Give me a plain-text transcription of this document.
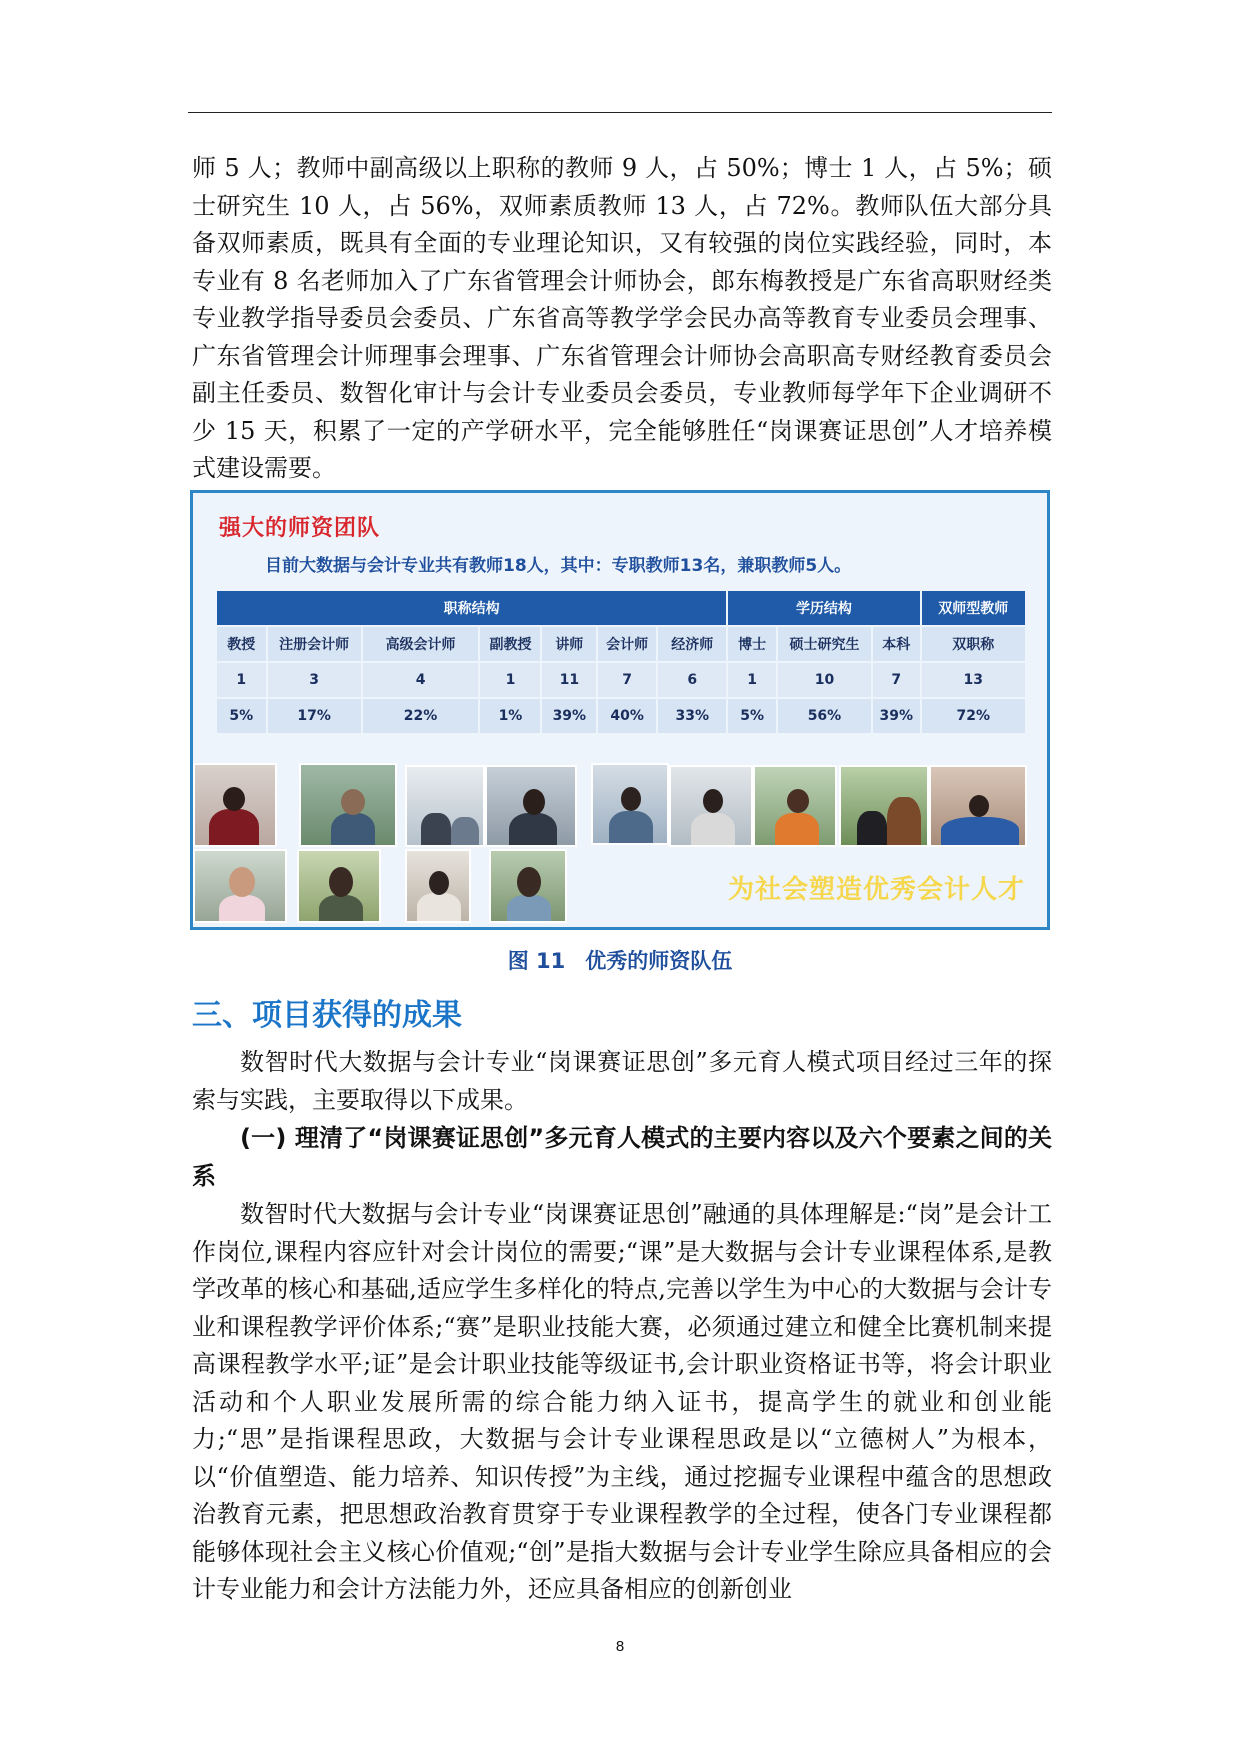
师 5 人；教师中副高级以上职称的教师 9 人，占 50%；博士 1 人，占 5%；硕士研究生 10 人，占 56%，双师素质教师 13 人，占 72%。教师队伍大部分具备双师素质，既具有全面的专业理论知识，又有较强的岗位实践经验，同时，本专业有 8 名老师加入了广东省管理会计师协会，郎东梅教授是广东省高职财经类专业教学指导委员会委员、广东省高等教学学会民办高等教育专业委员会理事、广东省管理会计师理事会理事、广东省管理会计师协会高职高专财经教育委员会副主任委员、数智化审计与会计专业委员会委员，专业教师每学年下企业调研不少 15 天，积累了一定的产学研水平，完全能够胜任“岗课赛证思创”人才培养模式建设需要。

强大的师资团队
目前大数据与会计专业共有教师18人，其中：专职教师13名，兼职教师5人。
职称结构							学历结构			双师型教师
教授	注册会计师	高级会计师	副教授	讲师	会计师	经济师	博士	硕士研究生	本科	双职称
1	3	4	1	11	7	6	1	10	7	13
5%	17%	22%	1%	39%	40%	33%	5%	56%	39%	72%
为社会塑造优秀会计人才
图 11 优秀的师资队伍
三、项目获得的成果

数智时代大数据与会计专业“岗课赛证思创”多元育人模式项目经过三年的探索与实践，主要取得以下成果。

(一) 理清了“岗课赛证思创”多元育人模式的主要内容以及六个要素之间的关系

数智时代大数据与会计专业“岗课赛证思创”融通的具体理解是:“岗”是会计工作岗位,课程内容应针对会计岗位的需要;“课”是大数据与会计专业课程体系,是教学改革的核心和基础,适应学生多样化的特点,完善以学生为中心的大数据与会计专业和课程教学评价体系;“赛”是职业技能大赛，必须通过建立和健全比赛机制来提高课程教学水平;证”是会计职业技能等级证书,会计职业资格证书等，将会计职业活动和个人职业发展所需的综合能力纳入证书，提高学生的就业和创业能力;“思”是指课程思政，大数据与会计专业课程思政是以“立德树人”为根本，以“价值塑造、能力培养、知识传授”为主线，通过挖掘专业课程中蕴含的思想政治教育元素，把思想政治教育贯穿于专业课程教学的全过程，使各门专业课程都能够体现社会主义核心价值观;“创”是指大数据与会计专业学生除应具备相应的会计专业能力和会计方法能力外，还应具备相应的创新创业

8
